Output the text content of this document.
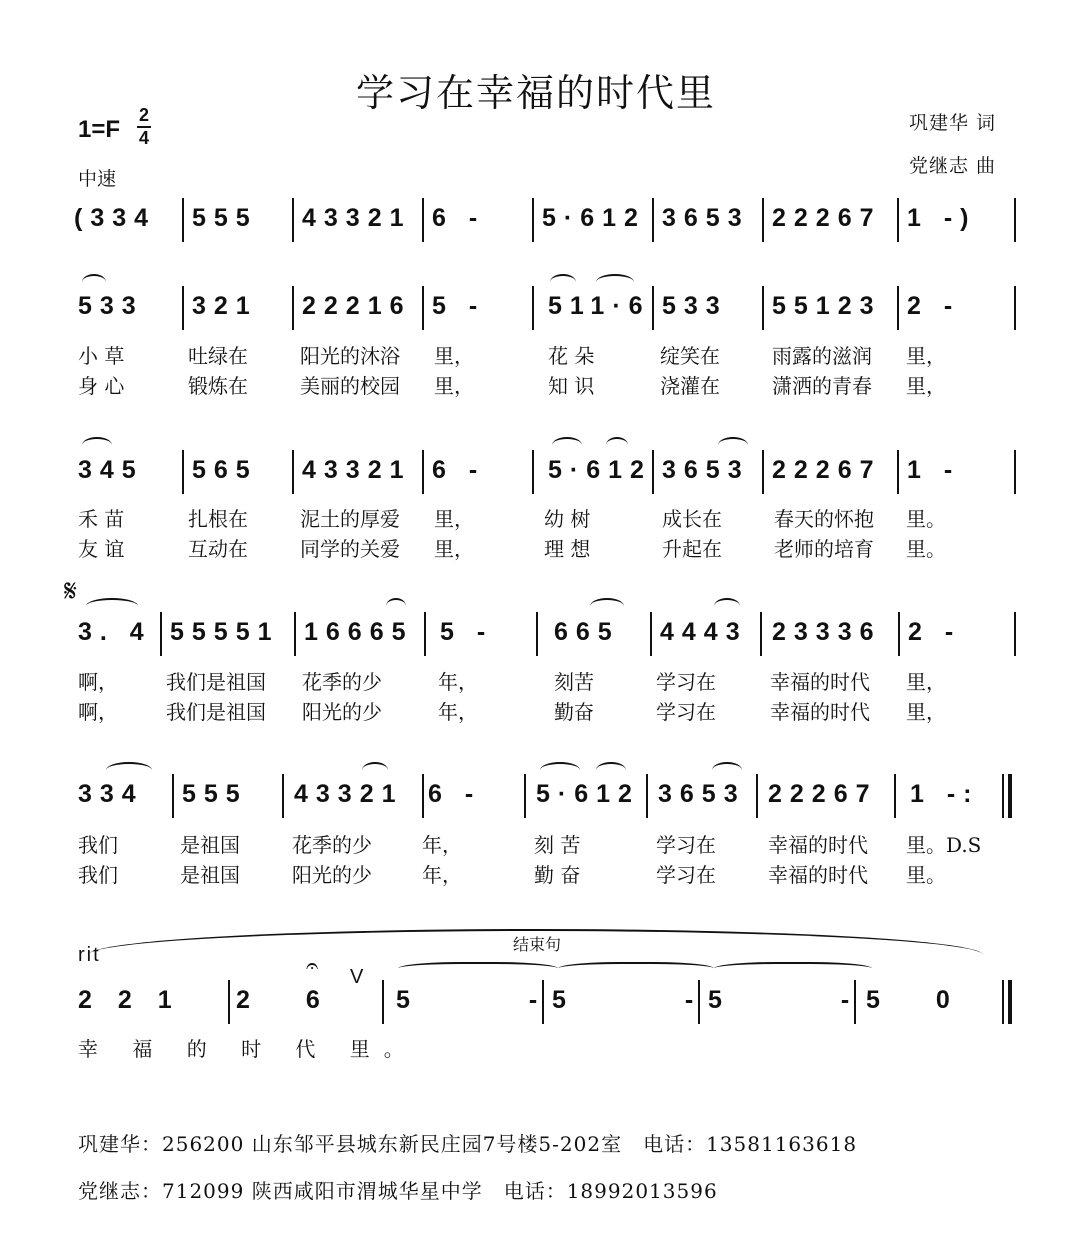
学习在幸福的时代里
1=F
2
4
中速
巩建华 词
党继志 曲
(334 555 43321 6 - 5·612 3653 22267 1 -)
533 321 22216 5 -	511·6 533 55123 2 -
小 草	吐绿在	阳光的沐浴 里，	花 朵	绽笑在	雨露的滋润 里，
身 心	锻炼在	美丽的校园 里，	知 识	浇灌在	潇洒的青春 里，
345 565 43321 6 -	5·612 3653 22267 1 -
禾 苗	扎根在	泥土的厚爱 里，	幼 树	成长在	春天的怀抱 里。
友 谊	互动在	同学的关爱 里，	理 想	升起在	老师的培育 里。
𝄋
3. 4 55551 16665 5 - 665 4443 23336 2 -
啊， 我们是祖国 花季的少	年，	刻苦	学习在	幸福的时代 里，
啊， 我们是祖国 阳光的少	年，	勤奋	学习在	幸福的时代 里，
334 555 43321 6 - 5·612 3653 22267 1 -:
我们	是祖国	花季的少	年，	刻 苦	学习在	幸福的时代 里。D.S
我们	是祖国	阳光的少	年，	勤 奋	学习在	幸福的时代 里。
结束句
rit	𝄐 V
221 26 5 -
5 -
5 -
50
幸 福 的 时 代 里。
巩建华：256200 山东邹平县城东新民庄园7号楼5-202室　电话：13581163618
党继志：712099 陕西咸阳市渭城华星中学　电话：18992013596
